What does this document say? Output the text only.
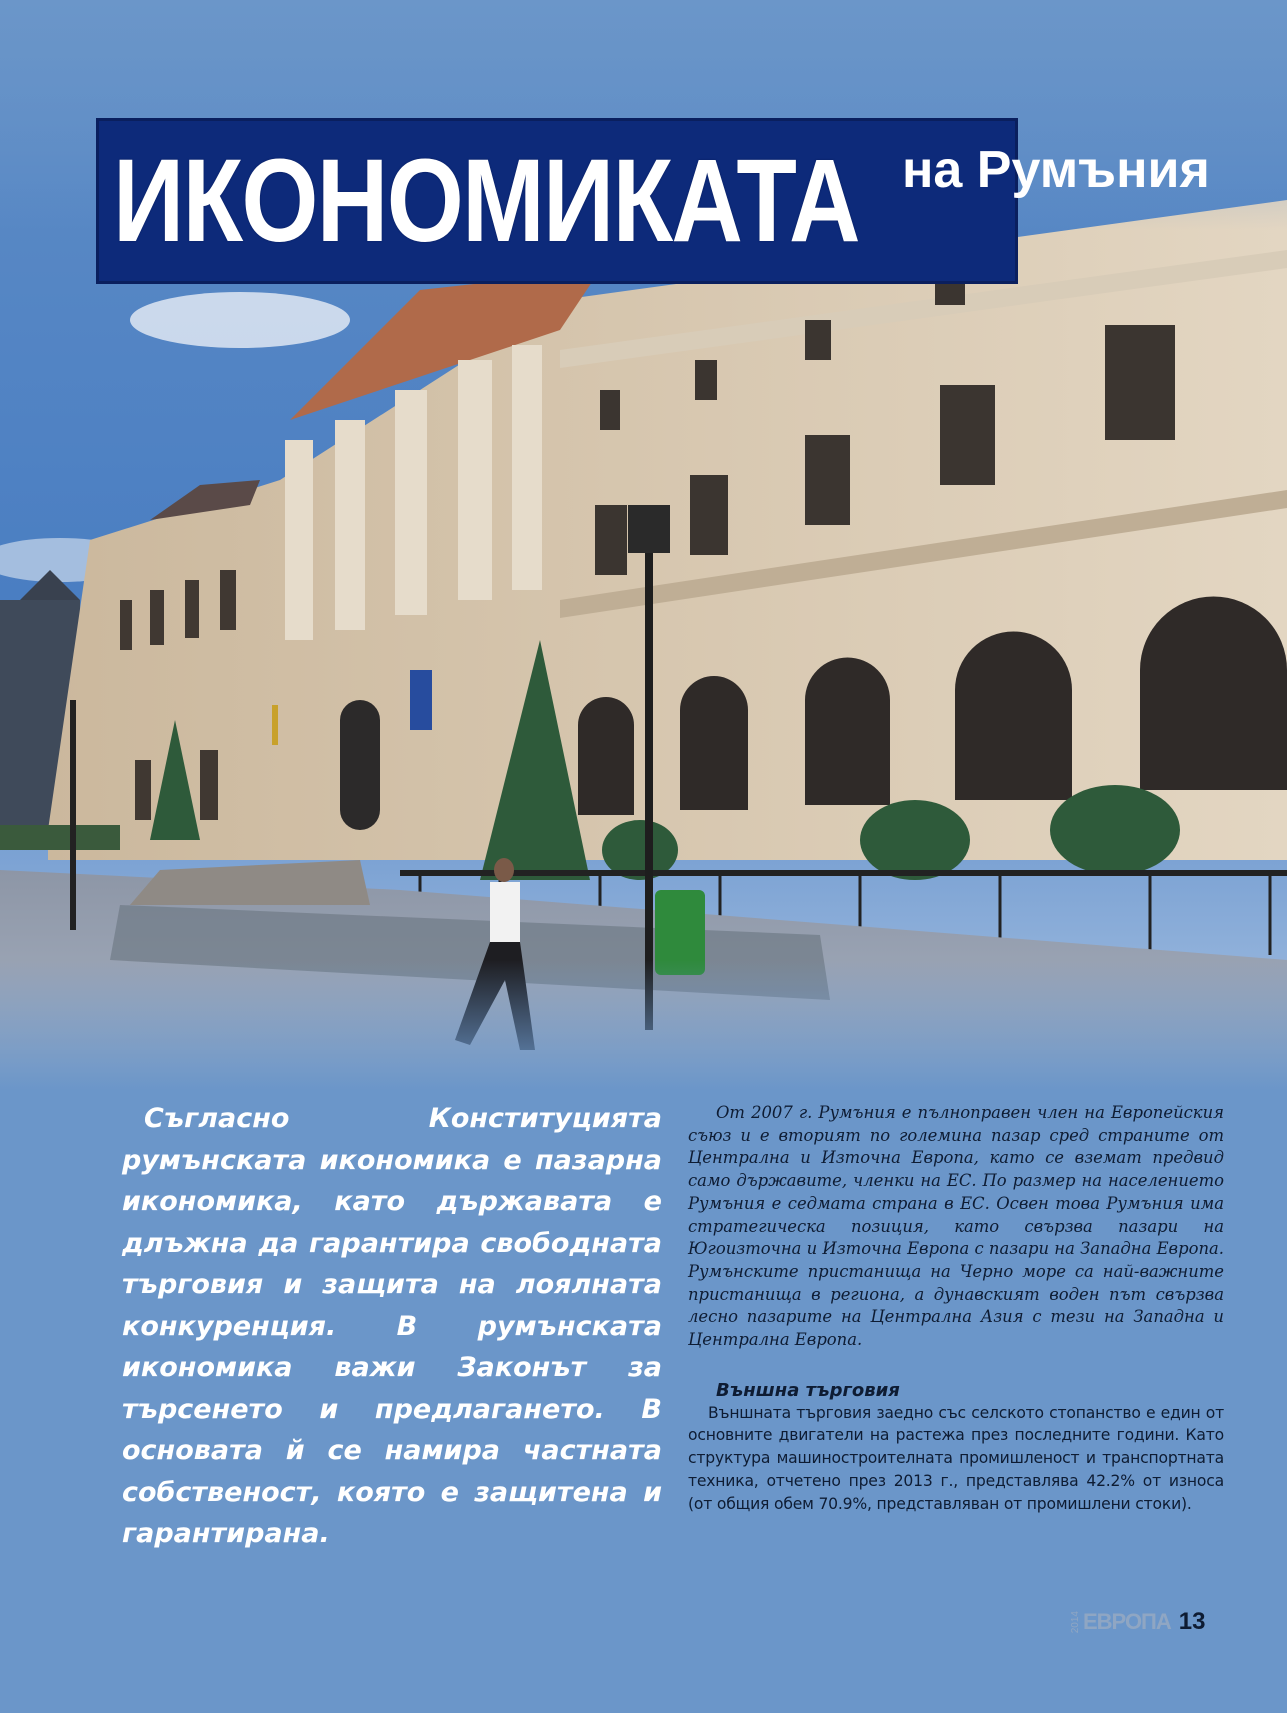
ИКОНОМИКАТА на Румъния

Съгласно Конституцията румънската икономика е пазарна икономика, като държавата е длъжна да гарантира свободната търговия и защита на лоялната конкуренция. В румънската икономика важи Законът за търсенето и предлагането. В основата й се намира частната собственост, която е защитена и гарантирана.

От 2007 г. Румъния е пълноправен член на Европейския съюз и е вторият по големина пазар сред страните от Централна и Източна Европа, като се вземат предвид само държавите, членки на ЕС. По размер на населението Румъния е седмата страна в ЕС. Освен това Румъния има стратегическа позиция, като свързва пазари на Югоизточна и Източна Европа с пазари на Западна Европа. Румънските пристанища на Черно море са най-важните пристанища в региона, а дунавският воден път свързва лесно пазарите на Централна Азия с тези на Западна и Централна Европа.

Външна търговия

Външната търговия заедно със селското стопанство е един от основните двигатели на растежа през последните години. Като структура машиностроителната промишленост и транспортната техника, отчетено през 2013 г., представлява 42.2% от износа (от общия обем 70.9%, представляван от промишлени стоки).

2014 ЕВРОПА 13
